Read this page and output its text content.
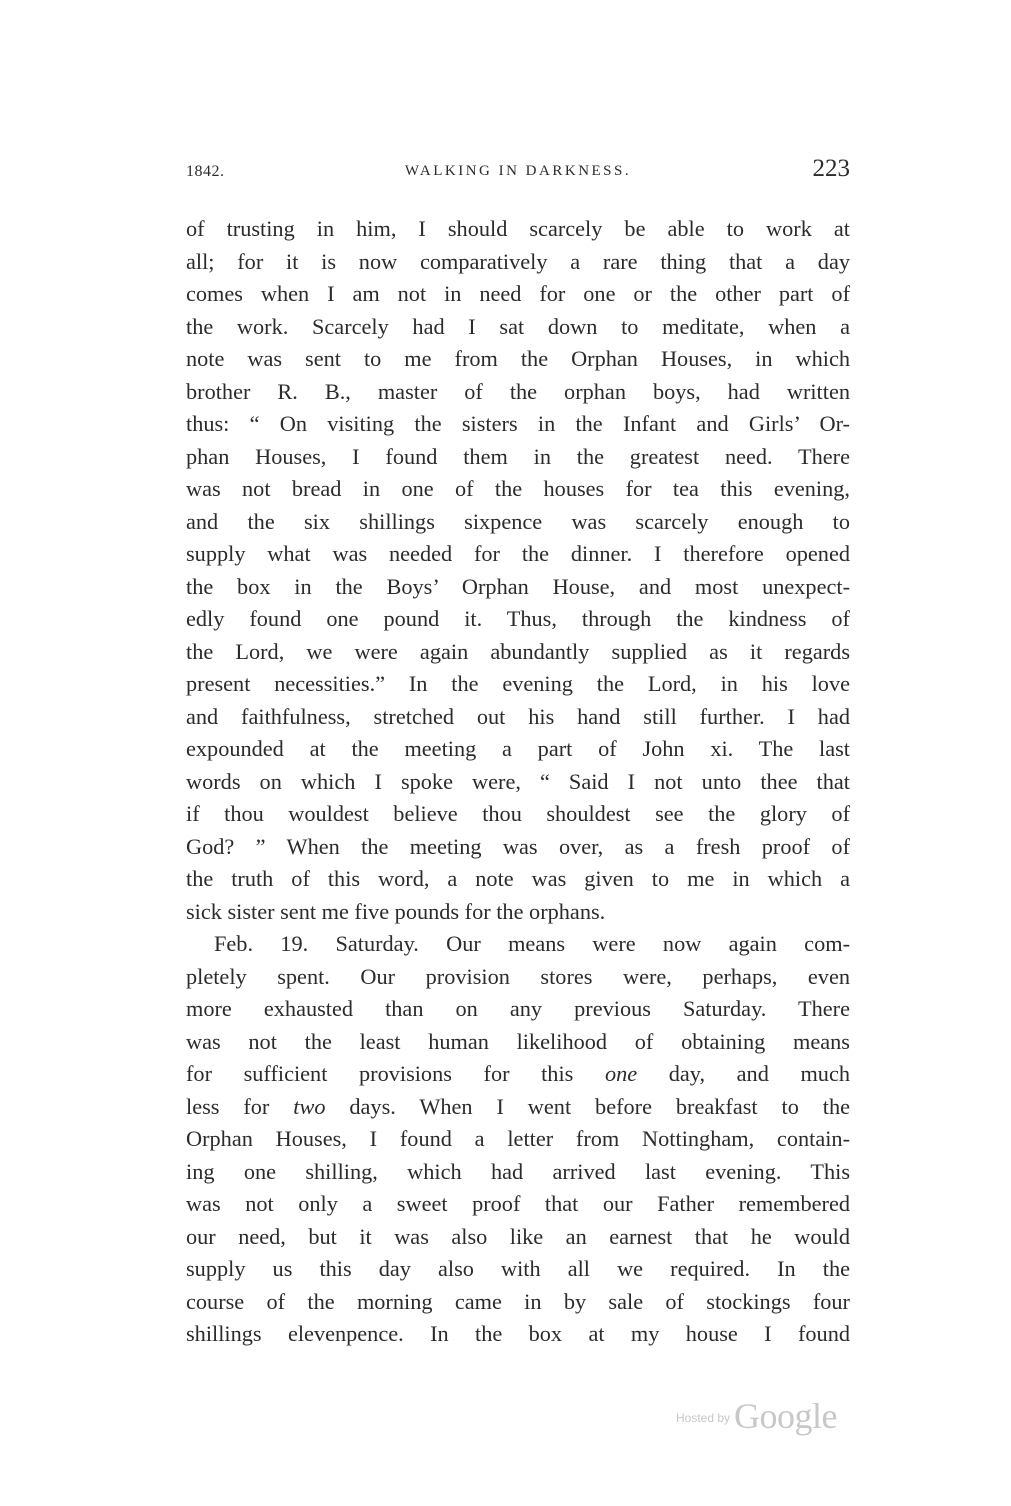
1842.	WALKING IN DARKNESS.	223
of trusting in him, I should scarcely be able to work at
all; for it is now comparatively a rare thing that a day
comes when I am not in need for one or the other part of
the work. Scarcely had I sat down to meditate, when a
note was sent to me from the Orphan Houses, in which
brother R. B., master of the orphan boys, had written
thus: “ On visiting the sisters in the Infant and Girls’ Or-
phan Houses, I found them in the greatest need. There
was not bread in one of the houses for tea this evening,
and the six shillings sixpence was scarcely enough to
supply what was needed for the dinner. I therefore opened
the box in the Boys’ Orphan House, and most unexpect-
edly found one pound it. Thus, through the kindness of
the Lord, we were again abundantly supplied as it regards
present necessities.” In the evening the Lord, in his love
and faithfulness, stretched out his hand still further. I had
expounded at the meeting a part of John xi. The last
words on which I spoke were, “ Said I not unto thee that
if thou wouldest believe thou shouldest see the glory of
God? ” When the meeting was over, as a fresh proof of
the truth of this word, a note was given to me in which a
sick sister sent me five pounds for the orphans.
Feb. 19. Saturday. Our means were now again com-
pletely spent. Our provision stores were, perhaps, even
more exhausted than on any previous Saturday. There
was not the least human likelihood of obtaining means
for sufficient provisions for this one day, and much
less for two days. When I went before breakfast to the
Orphan Houses, I found a letter from Nottingham, contain-
ing one shilling, which had arrived last evening. This
was not only a sweet proof that our Father remembered
our need, but it was also like an earnest that he would
supply us this day also with all we required. In the
course of the morning came in by sale of stockings four
shillings elevenpence. In the box at my house I found
$^{Hosted by}$ Google
